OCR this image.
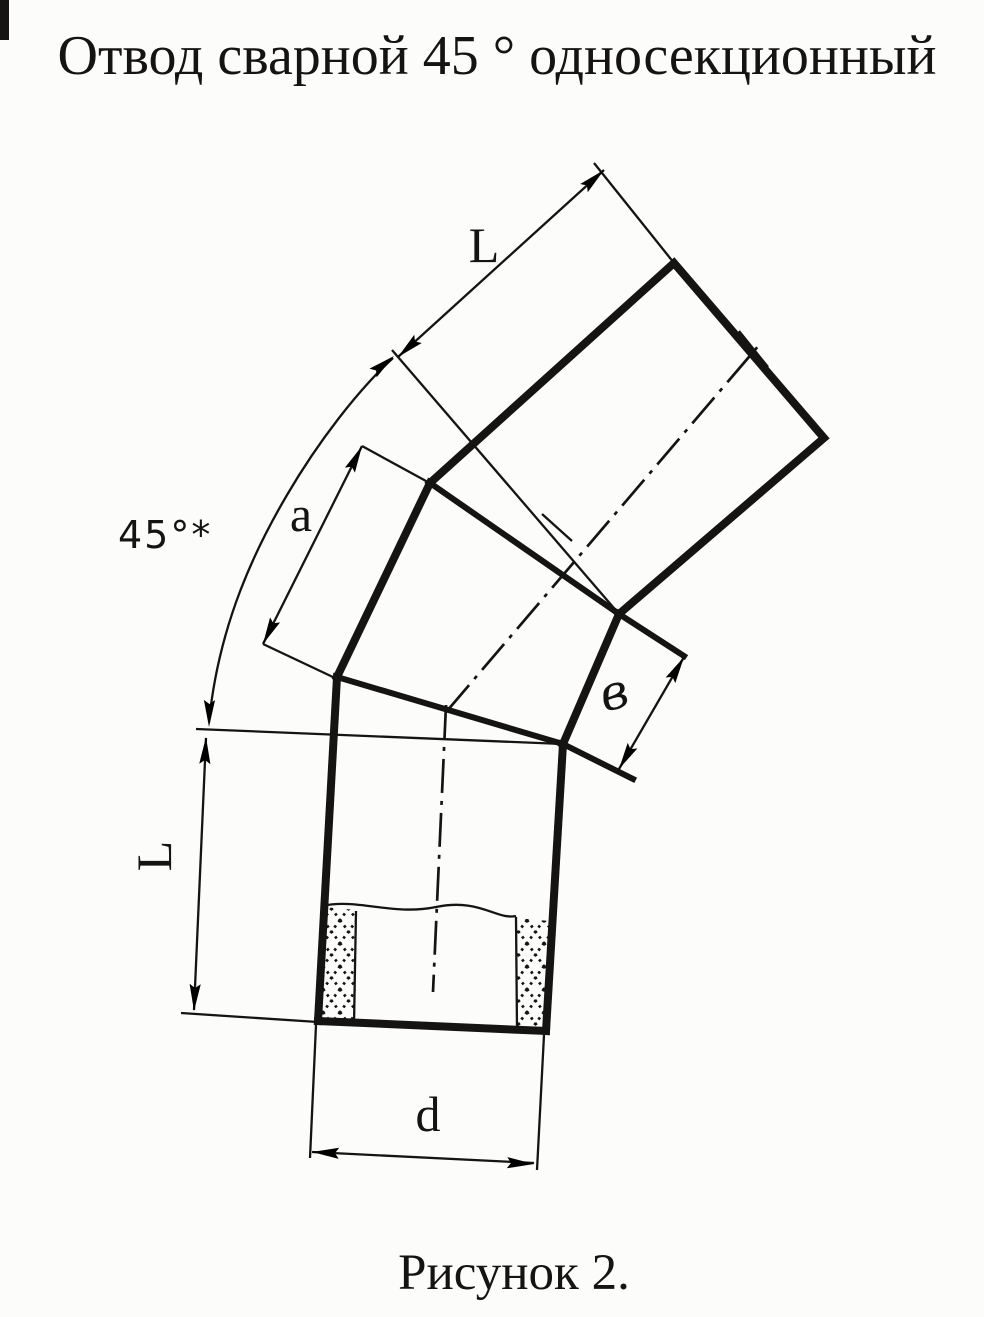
L
45°* a
в
L
d
Отвод сварной 45 ° односекционный
Рисунок 2.
